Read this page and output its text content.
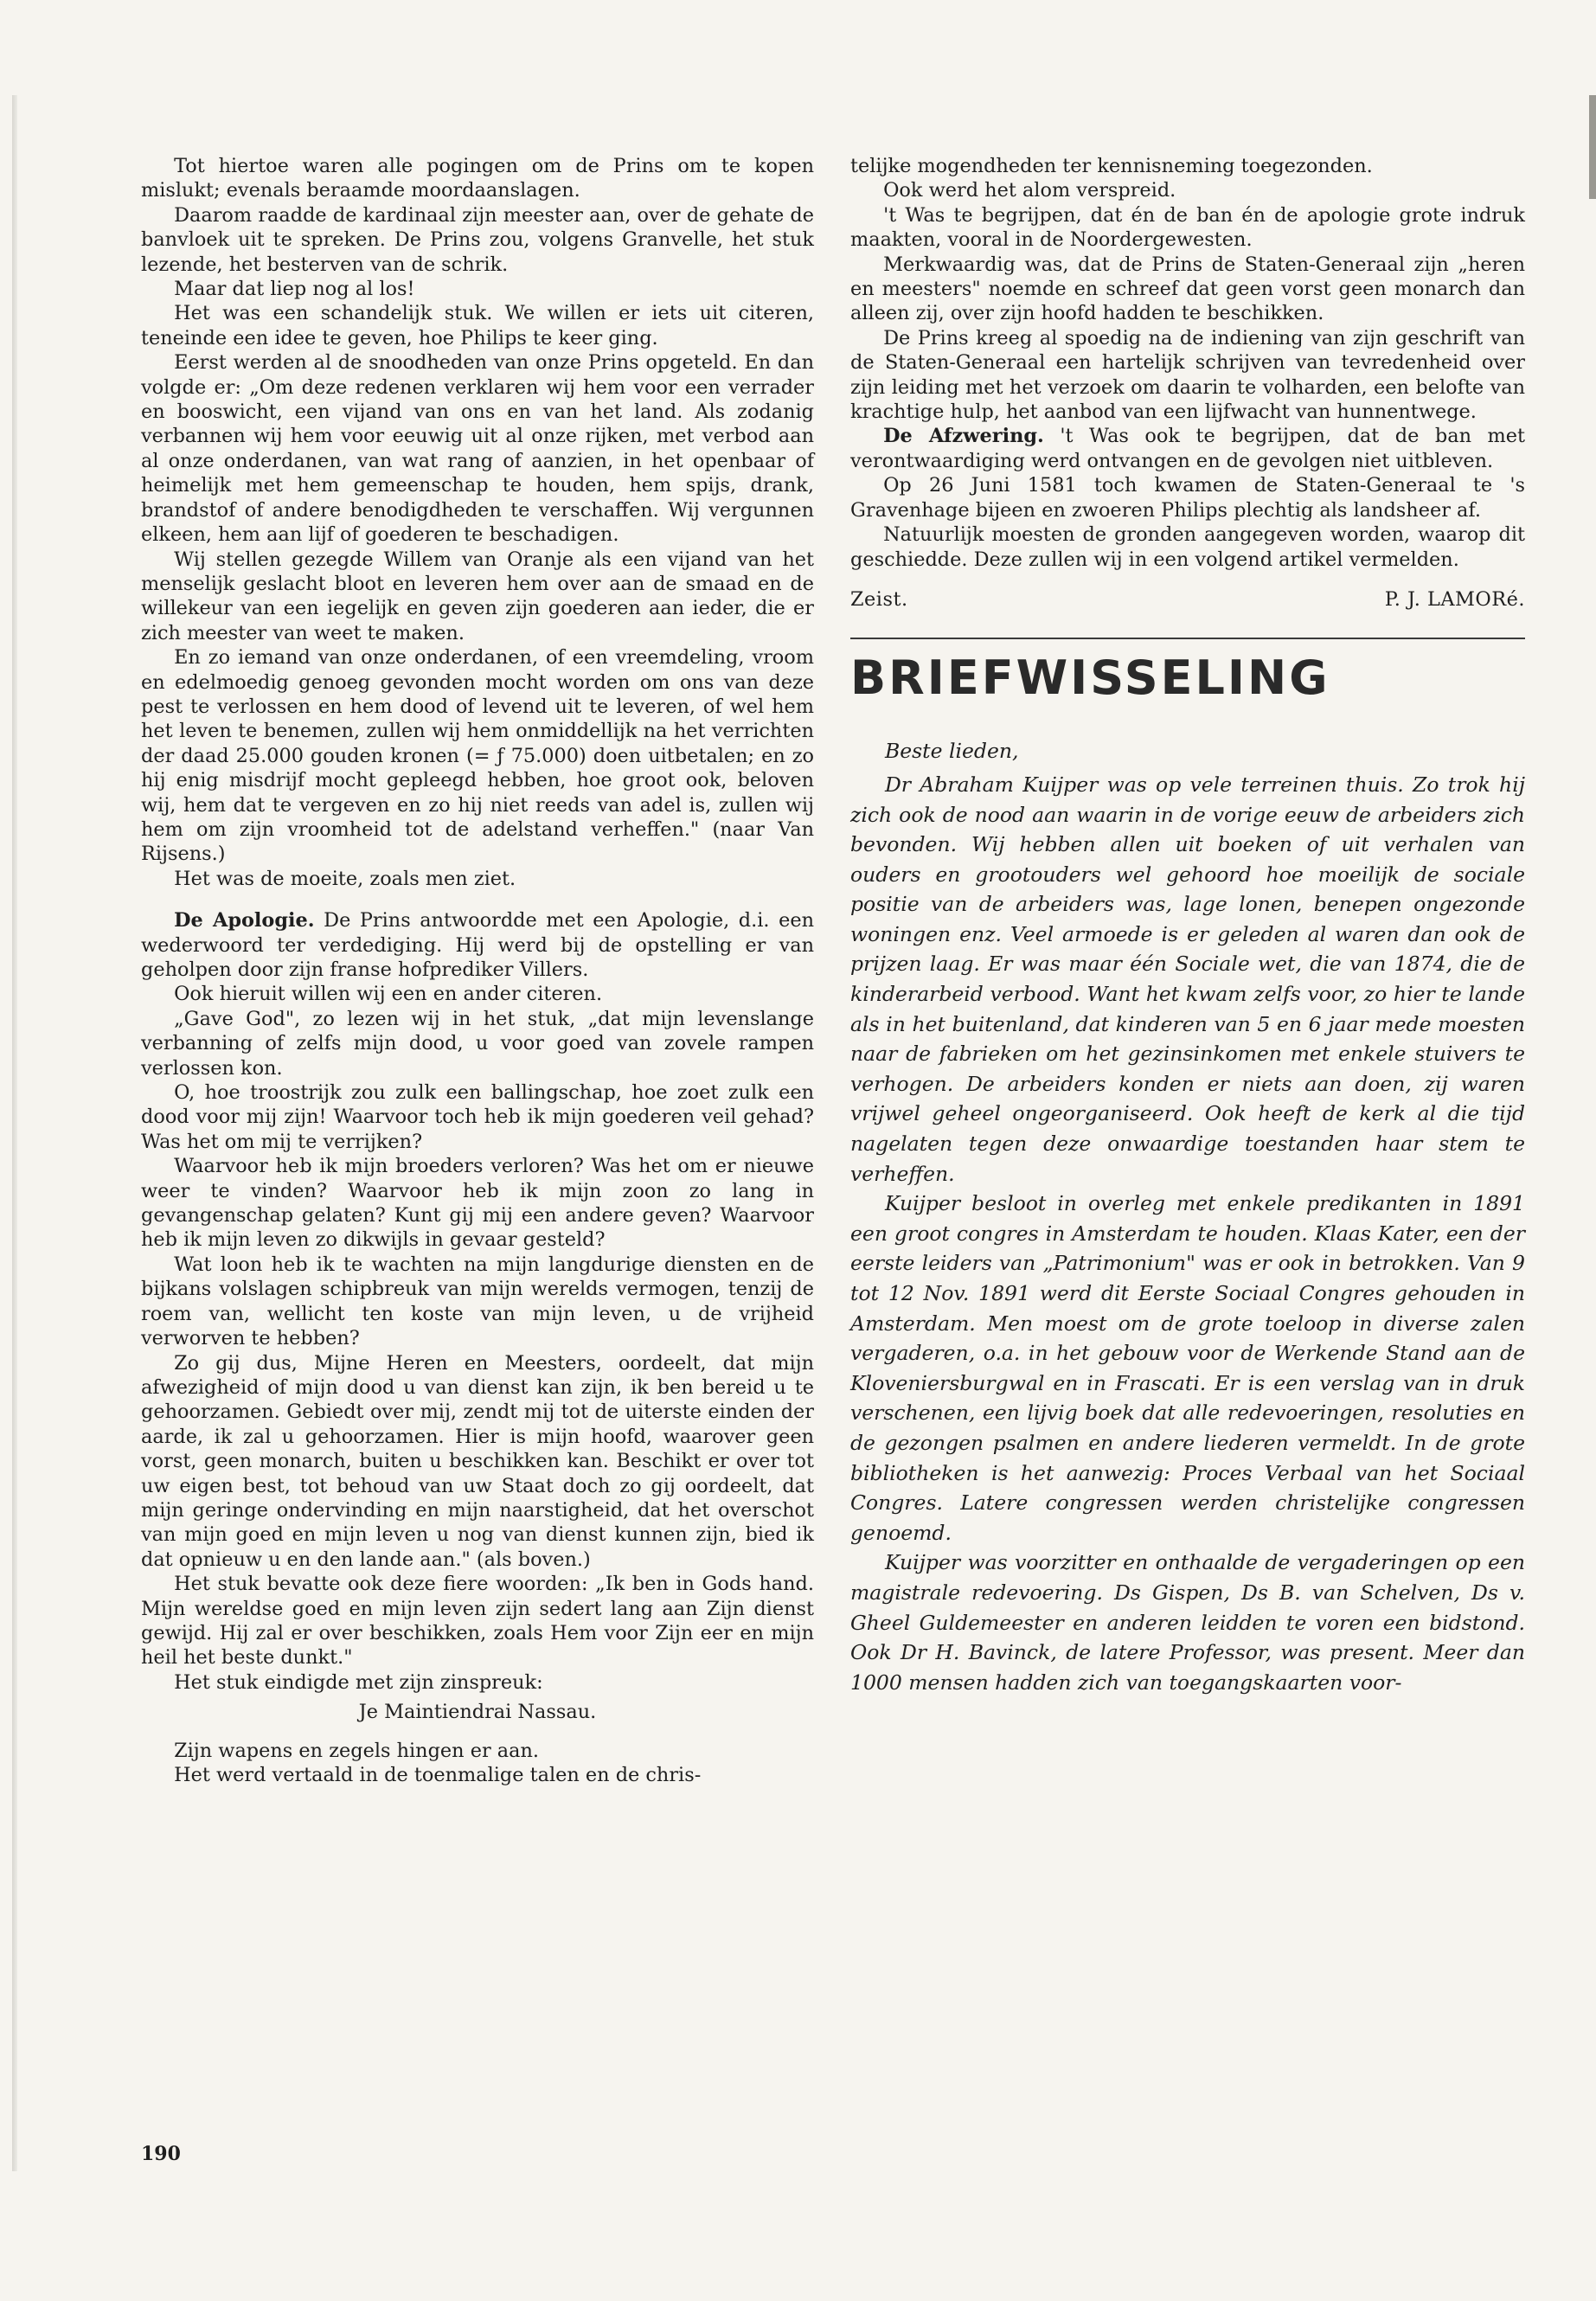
Tot hiertoe waren alle pogingen om de Prins om te kopen mislukt; evenals beraamde moordaanslagen.

Daarom raadde de kardinaal zijn meester aan, over de gehate de banvloek uit te spreken. De Prins zou, volgens Granvelle, het stuk lezende, het besterven van de schrik.

Maar dat liep nog al los!

Het was een schandelijk stuk. We willen er iets uit citeren, teneinde een idee te geven, hoe Philips te keer ging.

Eerst werden al de snoodheden van onze Prins opgeteld. En dan volgde er: „Om deze redenen verklaren wij hem voor een verrader en booswicht, een vijand van ons en van het land. Als zodanig verbannen wij hem voor eeuwig uit al onze rijken, met verbod aan al onze onderdanen, van wat rang of aanzien, in het openbaar of heimelijk met hem gemeenschap te houden, hem spijs, drank, brandstof of andere benodigdheden te verschaffen. Wij vergunnen elkeen, hem aan lijf of goederen te beschadigen.

Wij stellen gezegde Willem van Oranje als een vijand van het menselijk geslacht bloot en leveren hem over aan de smaad en de willekeur van een iegelijk en geven zijn goederen aan ieder, die er zich meester van weet te maken.

En zo iemand van onze onderdanen, of een vreemdeling, vroom en edelmoedig genoeg gevonden mocht worden om ons van deze pest te verlossen en hem dood of levend uit te leveren, of wel hem het leven te benemen, zullen wij hem onmiddellijk na het verrichten der daad 25.000 gouden kronen (= ƒ 75.000) doen uitbetalen; en zo hij enig misdrijf mocht gepleegd hebben, hoe groot ook, beloven wij, hem dat te vergeven en zo hij niet reeds van adel is, zullen wij hem om zijn vroomheid tot de adelstand verheffen." (naar Van Rijsens.)

Het was de moeite, zoals men ziet.

De Apologie. De Prins antwoordde met een Apologie, d.i. een wederwoord ter verdediging. Hij werd bij de opstelling er van geholpen door zijn franse hofprediker Villers.

Ook hieruit willen wij een en ander citeren.

„Gave God", zo lezen wij in het stuk, „dat mijn levenslange verbanning of zelfs mijn dood, u voor goed van zovele rampen verlossen kon.

O, hoe troostrijk zou zulk een ballingschap, hoe zoet zulk een dood voor mij zijn! Waarvoor toch heb ik mijn goederen veil gehad? Was het om mij te verrijken?

Waarvoor heb ik mijn broeders verloren? Was het om er nieuwe weer te vinden? Waarvoor heb ik mijn zoon zo lang in gevangenschap gelaten? Kunt gij mij een andere geven? Waarvoor heb ik mijn leven zo dikwijls in gevaar gesteld?

Wat loon heb ik te wachten na mijn langdurige diensten en de bijkans volslagen schipbreuk van mijn werelds vermogen, tenzij de roem van, wellicht ten koste van mijn leven, u de vrijheid verworven te hebben?

Zo gij dus, Mijne Heren en Meesters, oordeelt, dat mijn afwezigheid of mijn dood u van dienst kan zijn, ik ben bereid u te gehoorzamen. Gebiedt over mij, zendt mij tot de uiterste einden der aarde, ik zal u gehoorzamen. Hier is mijn hoofd, waarover geen vorst, geen monarch, buiten u beschikken kan. Beschikt er over tot uw eigen best, tot behoud van uw Staat doch zo gij oordeelt, dat mijn geringe ondervinding en mijn naarstigheid, dat het overschot van mijn goed en mijn leven u nog van dienst kunnen zijn, bied ik dat opnieuw u en den lande aan." (als boven.)

Het stuk bevatte ook deze fiere woorden: „Ik ben in Gods hand. Mijn wereldse goed en mijn leven zijn sedert lang aan Zijn dienst gewijd. Hij zal er over beschikken, zoals Hem voor Zijn eer en mijn heil het beste dunkt."

Het stuk eindigde met zijn zinspreuk:

Je Maintiendrai Nassau.

Zijn wapens en zegels hingen er aan.

Het werd vertaald in de toenmalige talen en de chris-

telijke mogendheden ter kennisneming toegezonden.

Ook werd het alom verspreid.

't Was te begrijpen, dat én de ban én de apologie grote indruk maakten, vooral in de Noordergewesten.

Merkwaardig was, dat de Prins de Staten-Generaal zijn „heren en meesters" noemde en schreef dat geen vorst geen monarch dan alleen zij, over zijn hoofd hadden te beschikken.

De Prins kreeg al spoedig na de indiening van zijn geschrift van de Staten-Generaal een hartelijk schrijven van tevredenheid over zijn leiding met het verzoek om daarin te volharden, een belofte van krachtige hulp, het aanbod van een lijfwacht van hunnentwege.

De Afzwering. 't Was ook te begrijpen, dat de ban met verontwaardiging werd ontvangen en de gevolgen niet uitbleven.

Op 26 Juni 1581 toch kwamen de Staten-Generaal te 's Gravenhage bijeen en zwoeren Philips plechtig als landsheer af.

Natuurlijk moesten de gronden aangegeven worden, waarop dit geschiedde. Deze zullen wij in een volgend artikel vermelden.

Zeist.	P. J. LAMORé.
BRIEFWISSELING

Beste lieden,

Dr Abraham Kuijper was op vele terreinen thuis. Zo trok hij zich ook de nood aan waarin in de vorige eeuw de arbeiders zich bevonden. Wij hebben allen uit boeken of uit verhalen van ouders en grootouders wel gehoord hoe moeilijk de sociale positie van de arbeiders was, lage lonen, benepen ongezonde woningen enz. Veel armoede is er geleden al waren dan ook de prijzen laag. Er was maar één Sociale wet, die van 1874, die de kinderarbeid verbood. Want het kwam zelfs voor, zo hier te lande als in het buitenland, dat kinderen van 5 en 6 jaar mede moesten naar de fabrieken om het gezinsinkomen met enkele stuivers te verhogen. De arbeiders konden er niets aan doen, zij waren vrijwel geheel ongeorganiseerd. Ook heeft de kerk al die tijd nagelaten tegen deze onwaardige toestanden haar stem te verheffen.

Kuijper besloot in overleg met enkele predikanten in 1891 een groot congres in Amsterdam te houden. Klaas Kater, een der eerste leiders van „Patrimonium" was er ook in betrokken. Van 9 tot 12 Nov. 1891 werd dit Eerste Sociaal Congres gehouden in Amsterdam. Men moest om de grote toeloop in diverse zalen vergaderen, o.a. in het gebouw voor de Werkende Stand aan de Kloveniersburgwal en in Frascati. Er is een verslag van in druk verschenen, een lijvig boek dat alle redevoeringen, resoluties en de gezongen psalmen en andere liederen vermeldt. In de grote bibliotheken is het aanwezig: Proces Verbaal van het Sociaal Congres. Latere congressen werden christelijke congressen genoemd.

Kuijper was voorzitter en onthaalde de vergaderingen op een magistrale redevoering. Ds Gispen, Ds B. van Schelven, Ds v. Gheel Guldemeester en anderen leidden te voren een bidstond. Ook Dr H. Bavinck, de latere Professor, was present. Meer dan 1000 mensen hadden zich van toegangskaarten voor-

190
